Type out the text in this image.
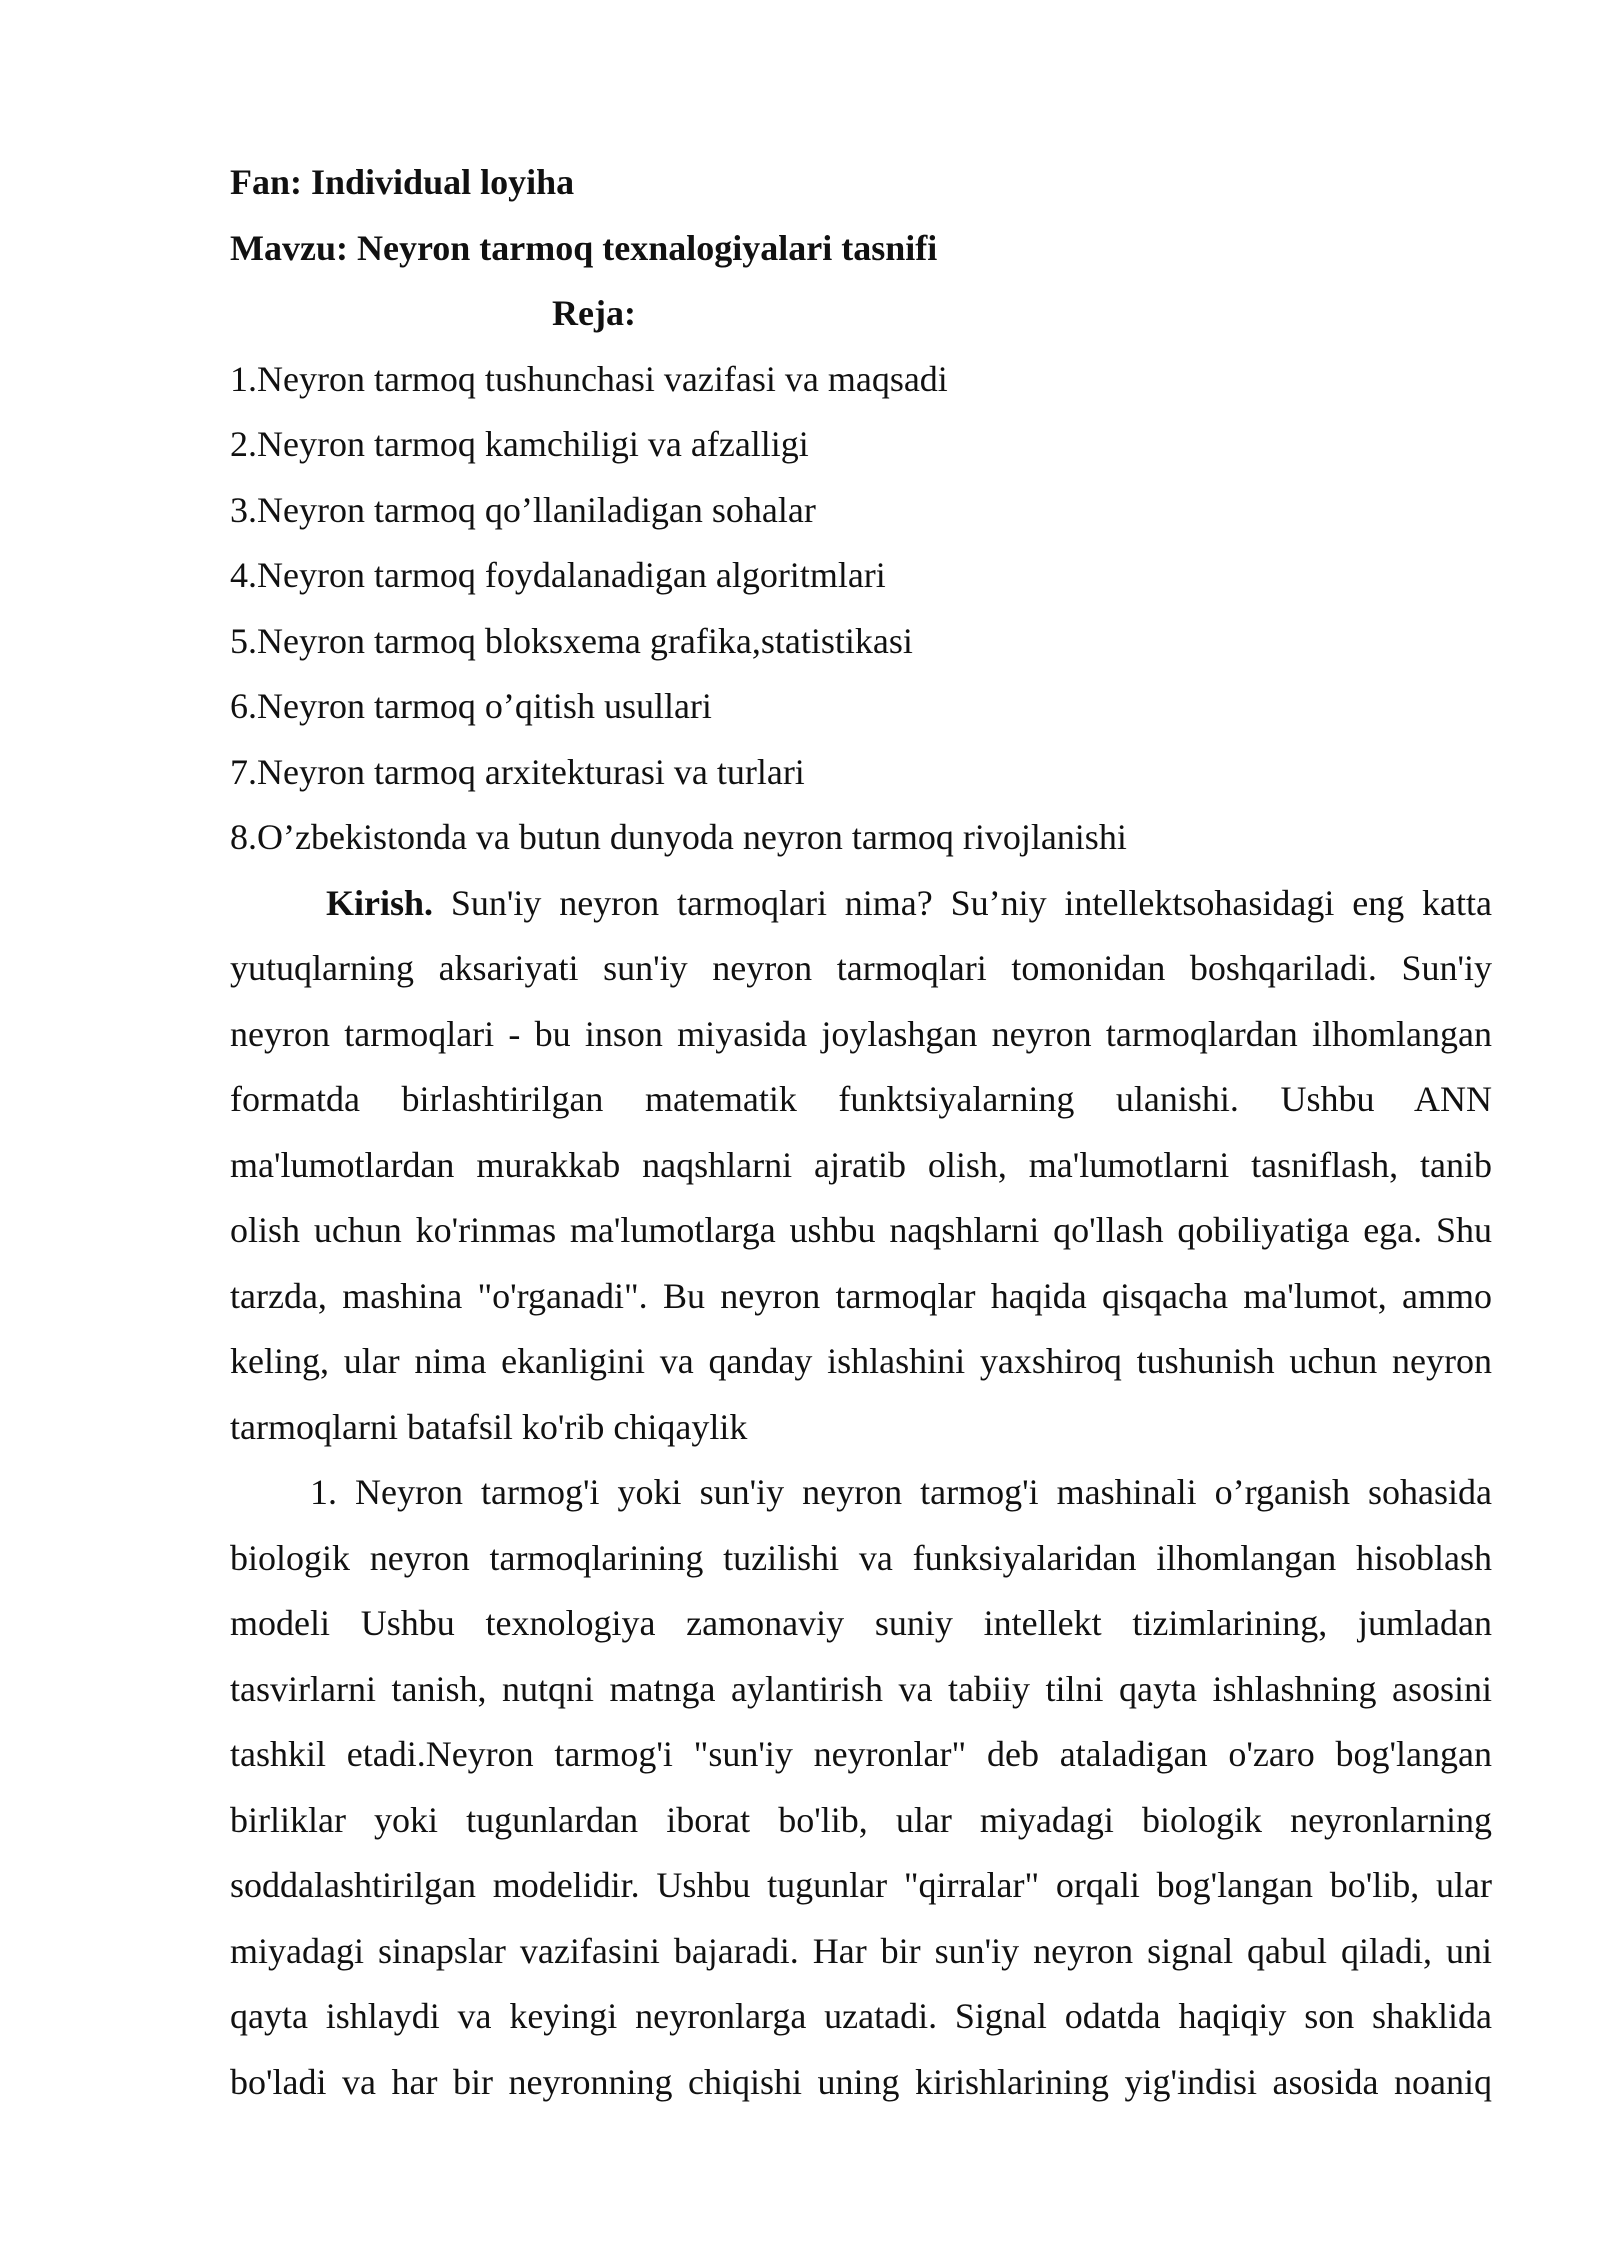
Fan: Individual loyiha
Mavzu: Neyron tarmoq texnalogiyalari tasnifi
Reja:
1.Neyron tarmoq tushunchasi vazifasi va maqsadi
2.Neyron tarmoq kamchiligi va afzalligi
3.Neyron tarmoq qo’llaniladigan sohalar
4.Neyron tarmoq foydalanadigan algoritmlari
5.Neyron tarmoq bloksxema grafika,statistikasi
6.Neyron tarmoq o’qitish usullari
7.Neyron tarmoq arxitekturasi va turlari
8.O’zbekistonda va butun dunyoda neyron tarmoq rivojlanishi
Kirish. Sun'iy neyron tarmoqlari nima? Su’niy intellektsohasidagi eng katta
yutuqlarning aksariyati sun'iy neyron tarmoqlari tomonidan boshqariladi. Sun'iy
neyron tarmoqlari - bu inson miyasida joylashgan neyron tarmoqlardan ilhomlangan
formatda birlashtirilgan matematik funktsiyalarning ulanishi. Ushbu ANN
ma'lumotlardan murakkab naqshlarni ajratib olish, ma'lumotlarni tasniflash, tanib
olish uchun ko'rinmas ma'lumotlarga ushbu naqshlarni qo'llash qobiliyatiga ega. Shu
tarzda, mashina "o'rganadi". Bu neyron tarmoqlar haqida qisqacha ma'lumot, ammo
keling, ular nima ekanligini va qanday ishlashini yaxshiroq tushunish uchun neyron
tarmoqlarni batafsil ko'rib chiqaylik
1. Neyron tarmog'i yoki sun'iy neyron tarmog'i mashinali o’rganish sohasida
biologik neyron tarmoqlarining tuzilishi va funksiyalaridan ilhomlangan hisoblash
modeli Ushbu texnologiya zamonaviy suniy intellekt tizimlarining, jumladan
tasvirlarni tanish, nutqni matnga aylantirish va tabiiy tilni qayta ishlashning asosini
tashkil etadi.Neyron tarmog'i "sun'iy neyronlar" deb ataladigan o'zaro bog'langan
birliklar yoki tugunlardan iborat bo'lib, ular miyadagi biologik neyronlarning
soddalashtirilgan modelidir. Ushbu tugunlar "qirralar" orqali bog'langan bo'lib, ular
miyadagi sinapslar vazifasini bajaradi. Har bir sun'iy neyron signal qabul qiladi, uni
qayta ishlaydi va keyingi neyronlarga uzatadi. Signal odatda haqiqiy son shaklida
bo'ladi va har bir neyronning chiqishi uning kirishlarining yig'indisi asosida noaniq
